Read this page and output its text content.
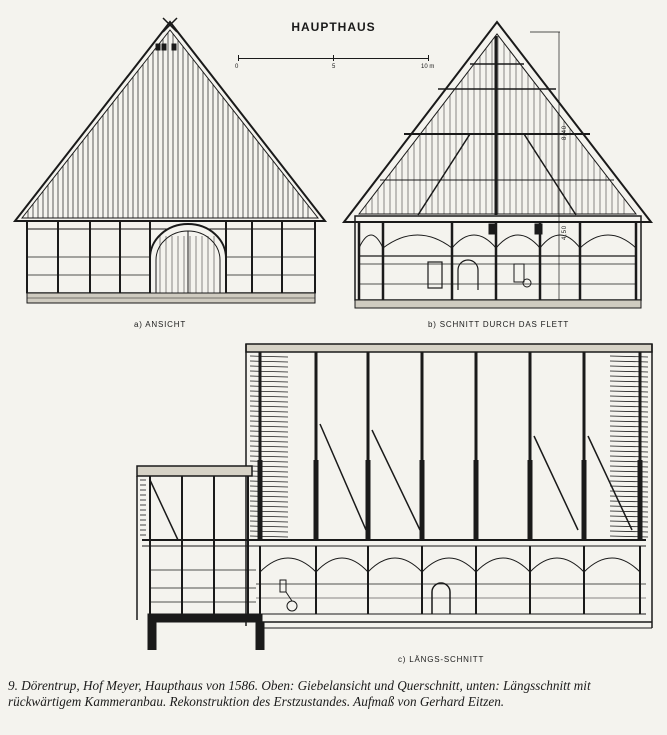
HAUPTHAUS
0	5	10 m
8,40
4,50
a) ANSICHT	b) SCHNITT DURCH DAS FLETT
c) LÄNGS-SCHNITT
9. Dörentrup, Hof Meyer, Haupthaus von 1586. Oben: Giebelansicht und Querschnitt, unten: Längsschnitt mit rückwärtigem Kammeranbau. Rekonstruktion des Erstzustandes. Aufmaß von Gerhard Eitzen.
